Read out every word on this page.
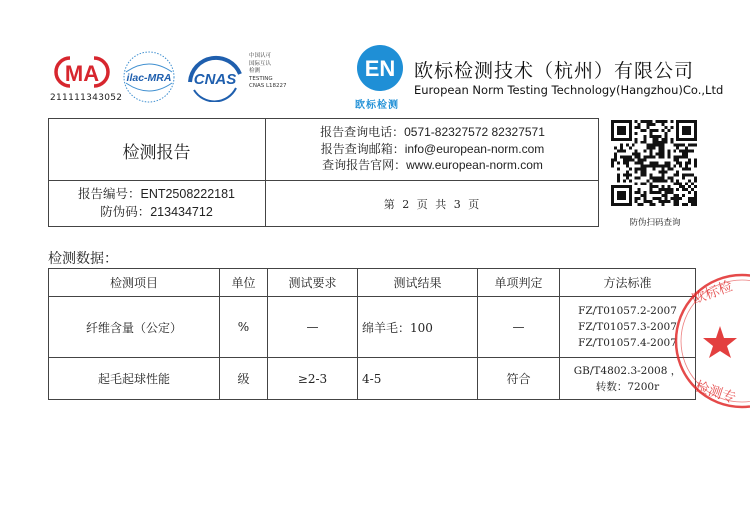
MA
211111343052
ilac-MRA CNAS
中国认可
国际互认
检测
TESTING
CNAS L18227
EN
欧标检测
欧标检测技术（杭州）有限公司
European Norm Testing Technology(Hangzhou)Co.,Ltd
检测报告
报告查询电话：0571-82327572 82327571
报告查询邮箱：info@european-norm.com
查询报告官网：www.european-norm.com
报告编号：ENT2508222181
防伪码：213434712
第 2 页 共 3 页
防伪扫码查询
检测数据：
检测项目	单位	测试要求	测试结果	单项判定	方法标准
纤维含量（公定）	%	—	绵羊毛：100	—	FZ/T01057.2-2007
FZ/T01057.3-2007
FZ/T01057.4-2007

起毛起球性能	级	≥2-3	4-5	符合	GB/T4802.3-2008 ，
转数：7200r
欧标检
检测专
